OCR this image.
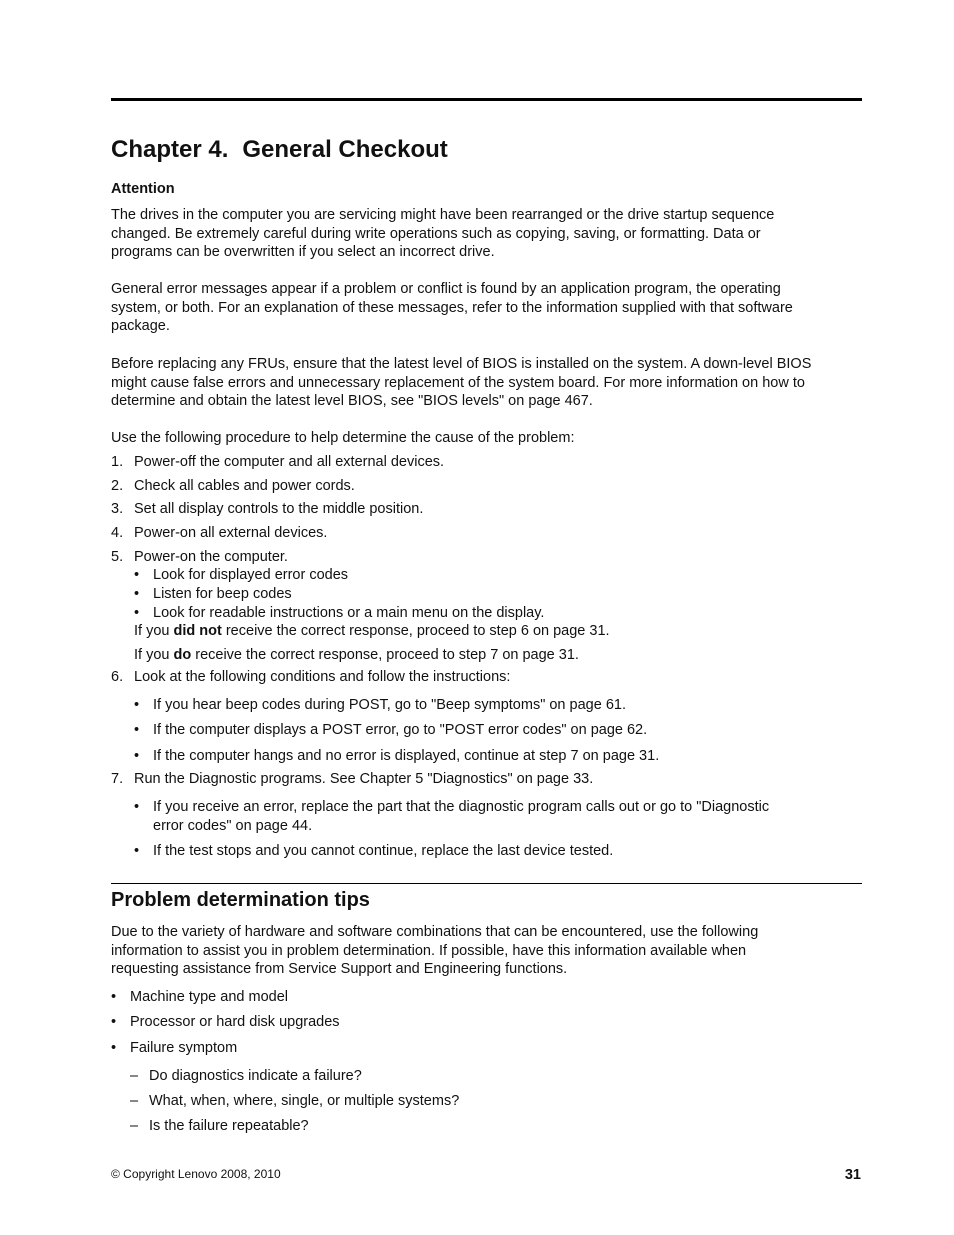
Chapter 4. General Checkout
Attention
The drives in the computer you are servicing might have been rearranged or the drive startup sequence
changed. Be extremely careful during write operations such as copying, saving, or formatting. Data or
programs can be overwritten if you select an incorrect drive.
General error messages appear if a problem or conflict is found by an application program, the operating
system, or both. For an explanation of these messages, refer to the information supplied with that software
package.
Before replacing any FRUs, ensure that the latest level of BIOS is installed on the system. A down-level BIOS
might cause false errors and unnecessary replacement of the system board. For more information on how to
determine and obtain the latest level BIOS, see "BIOS levels" on page 467.
Use the following procedure to help determine the cause of the problem:
1. Power-off the computer and all external devices.
2. Check all cables and power cords.
3. Set all display controls to the middle position.
4. Power-on all external devices.
5. Power-on the computer.
• Look for displayed error codes
• Listen for beep codes
• Look for readable instructions or a main menu on the display.
If you did not receive the correct response, proceed to step 6 on page 31.
If you do receive the correct response, proceed to step 7 on page 31.
6. Look at the following conditions and follow the instructions:
• If you hear beep codes during POST, go to "Beep symptoms" on page 61.
• If the computer displays a POST error, go to "POST error codes" on page 62.
• If the computer hangs and no error is displayed, continue at step 7 on page 31.
7. Run the Diagnostic programs. See Chapter 5 "Diagnostics" on page 33.
• If you receive an error, replace the part that the diagnostic program calls out or go to "Diagnostic
error codes" on page 44.
• If the test stops and you cannot continue, replace the last device tested.
Problem determination tips
Due to the variety of hardware and software combinations that can be encountered, use the following
information to assist you in problem determination. If possible, have this information available when
requesting assistance from Service Support and Engineering functions.
• Machine type and model
• Processor or hard disk upgrades
• Failure symptom
– Do diagnostics indicate a failure?
– What, when, where, single, or multiple systems?
– Is the failure repeatable?
© Copyright Lenovo 2008, 2010	31
